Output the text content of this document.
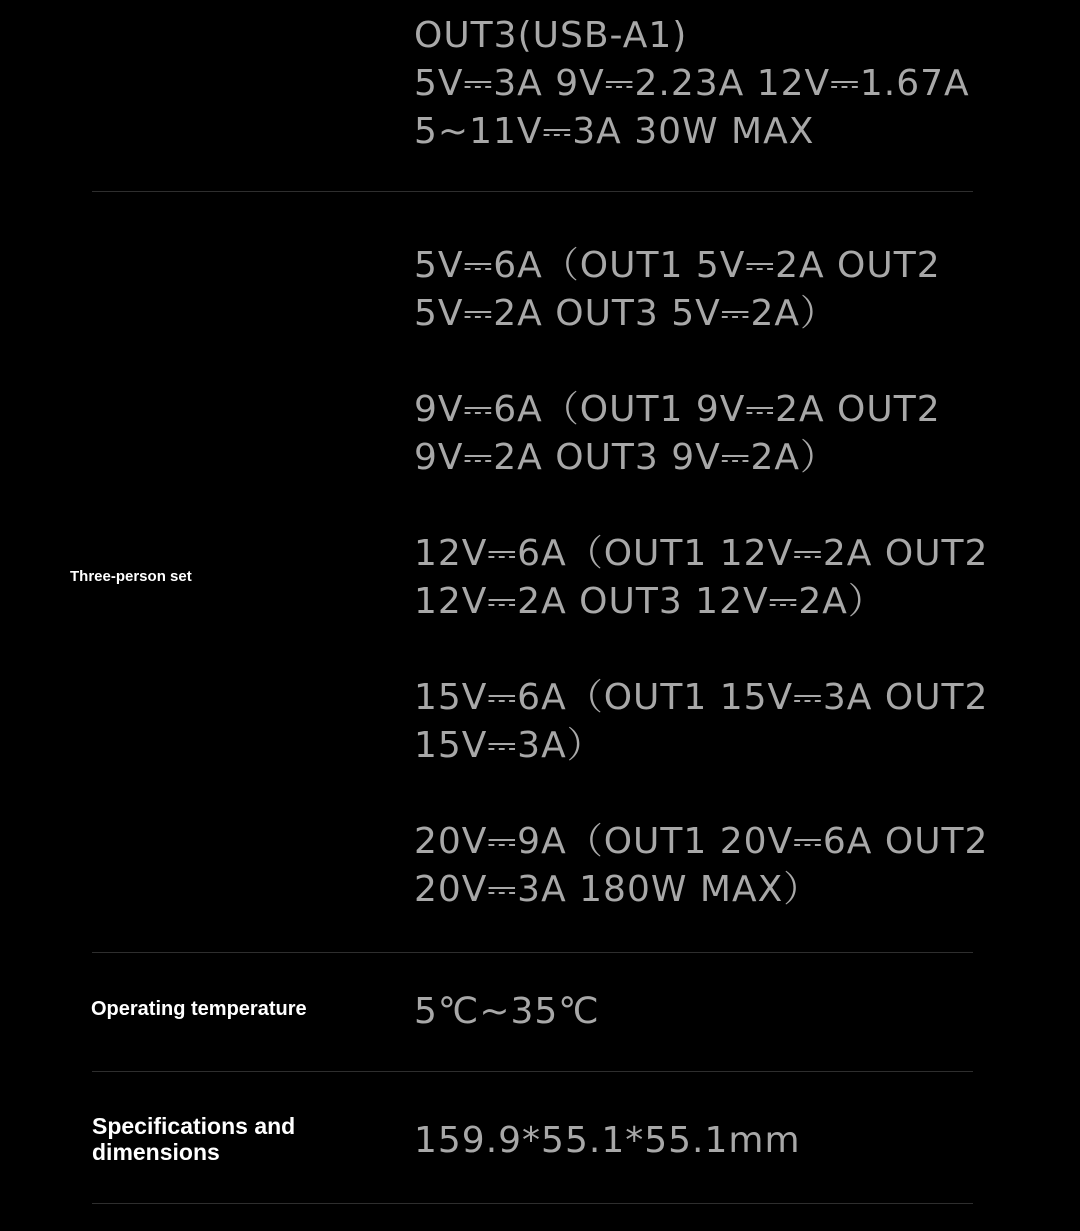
OUT3(USB-A1)

5V⎓3A 9V⎓2.23A 12V⎓1.67A

5~11V⎓3A 30W MAX

Three-person set

5V⎓6A（OUT1 5V⎓2A OUT2

5V⎓2A OUT3 5V⎓2A）

9V⎓6A（OUT1 9V⎓2A OUT2

9V⎓2A OUT3 9V⎓2A）

12V⎓6A（OUT1 12V⎓2A OUT2

12V⎓2A OUT3 12V⎓2A）

15V⎓6A（OUT1 15V⎓3A OUT2

15V⎓3A）

20V⎓9A（OUT1 20V⎓6A OUT2

20V⎓3A 180W MAX）

Operating temperature	5℃~35℃

Specifications and
dimensions	159.9*55.1*55.1mm
